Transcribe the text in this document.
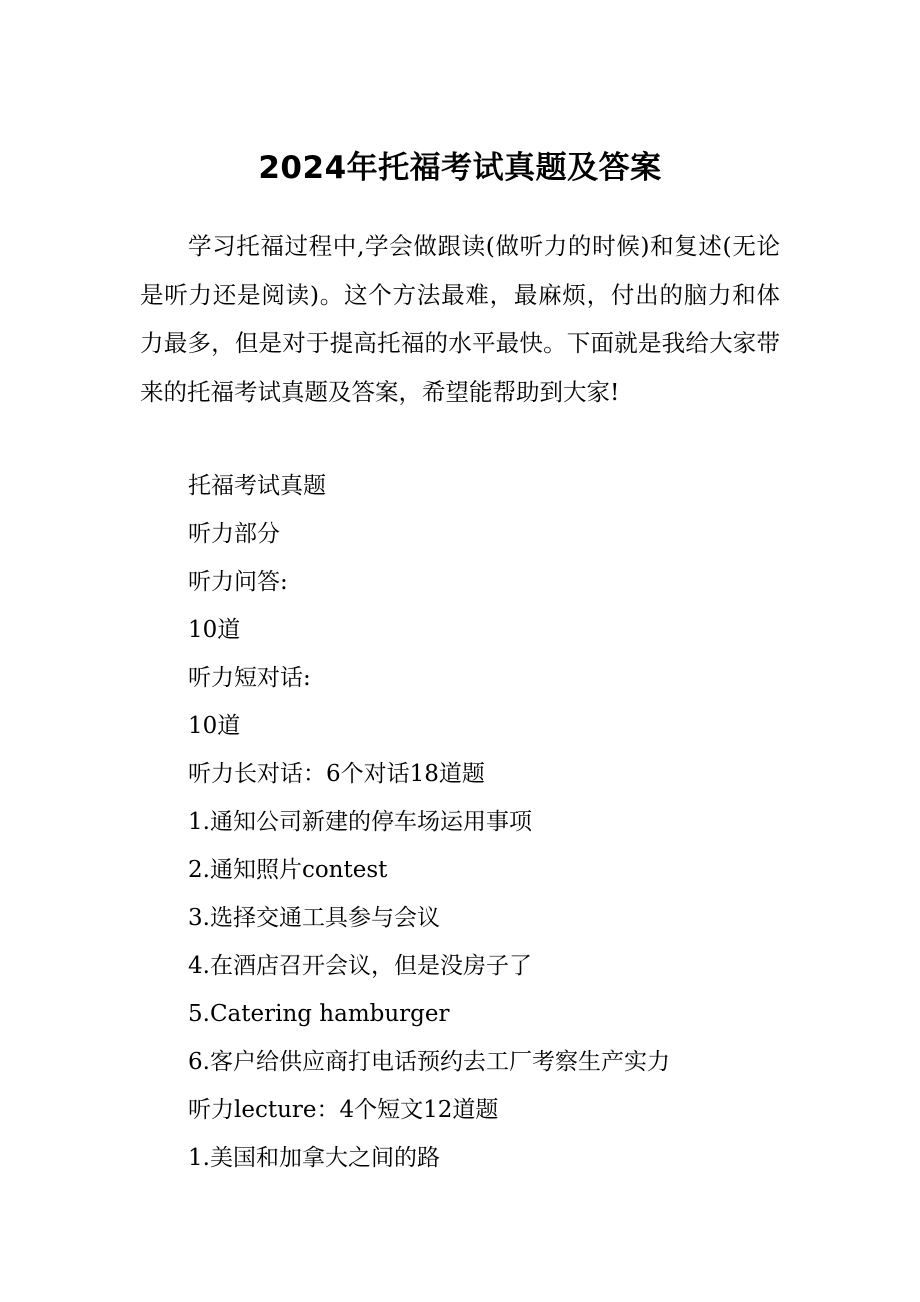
2024年托福考试真题及答案

学习托福过程中,学会做跟读(做听力的时候)和复述(无论是听力还是阅读)。这个方法最难，最麻烦，付出的脑力和体力最多，但是对于提高托福的水平最快。下面就是我给大家带来的托福考试真题及答案，希望能帮助到大家!

托福考试真题
听力部分
听力问答:
10道
听力短对话:
10道
听力长对话：6个对话18道题
1.通知公司新建的停车场运用事项
2.通知照片contest
3.选择交通工具参与会议
4.在酒店召开会议，但是没房子了
5.Catering hamburger
6.客户给供应商打电话预约去工厂考察生产实力
听力lecture：4个短文12道题
1.美国和加拿大之间的路
